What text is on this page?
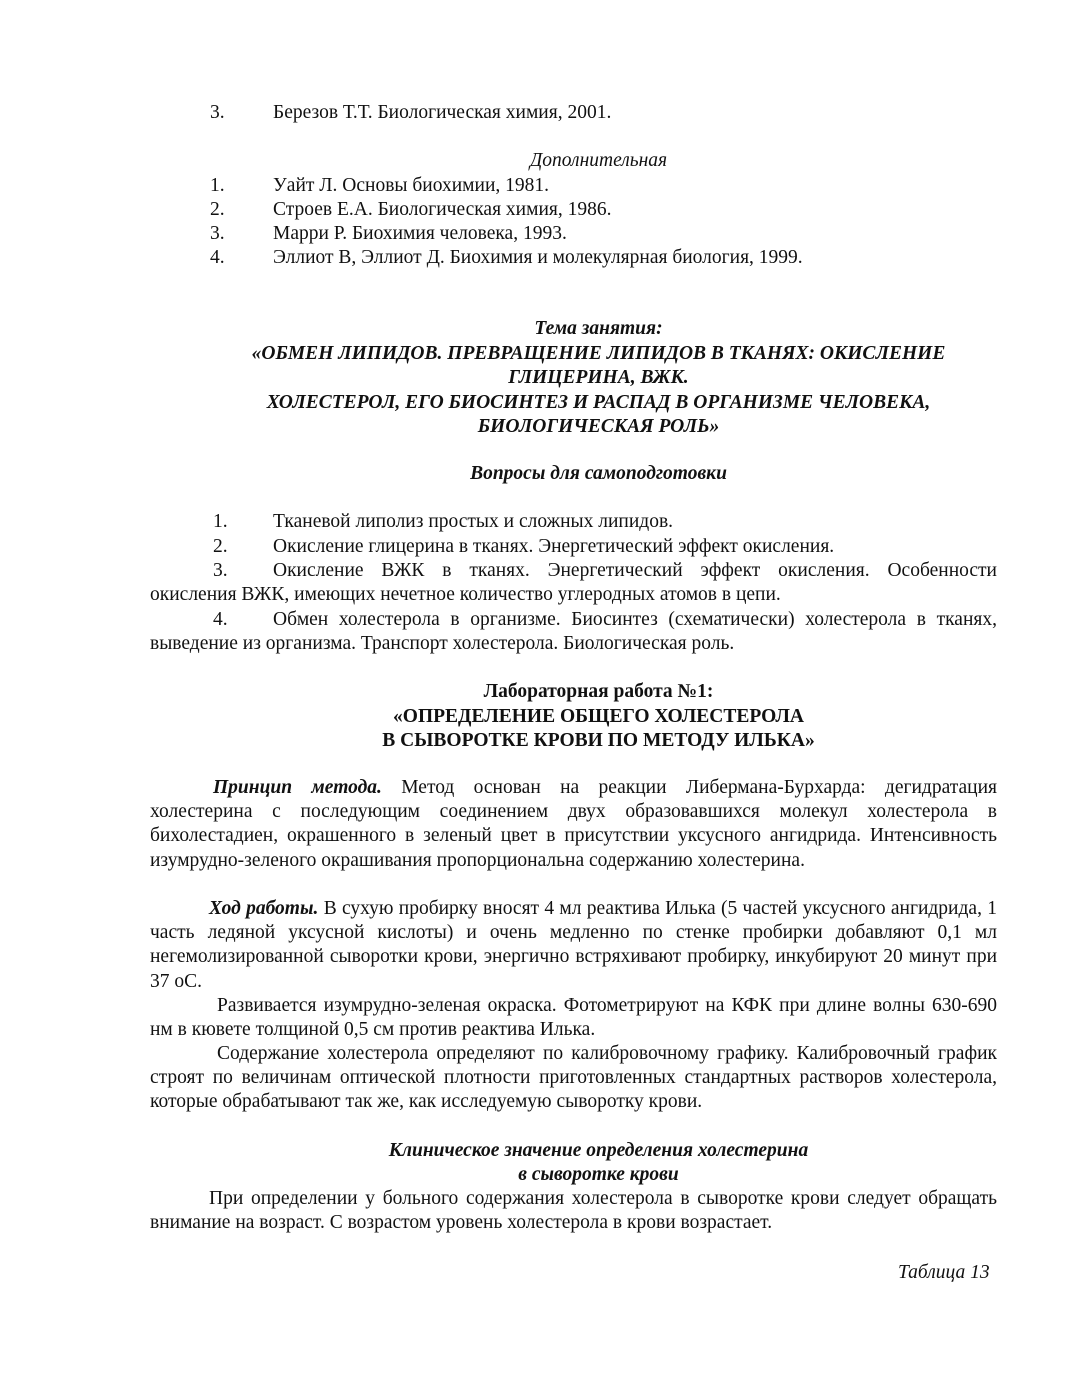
3. Березов Т.Т. Биологическая химия, 2001.
Дополнительная
1. Уайт Л. Основы биохимии, 1981.
2. Строев Е.А. Биологическая химия, 1986.
3. Марри Р. Биохимия человека, 1993.
4. Эллиот В, Эллиот Д. Биохимия и молекулярная биология, 1999.
Тема занятия:
«ОБМЕН ЛИПИДОВ. ПРЕВРАЩЕНИЕ ЛИПИДОВ В ТКАНЯХ: ОКИСЛЕНИЕ
ГЛИЦЕРИНА, ВЖК.
ХОЛЕСТЕРОЛ, ЕГО БИОСИНТЕЗ И РАСПАД В ОРГАНИЗМЕ ЧЕЛОВЕКА,
БИОЛОГИЧЕСКАЯ РОЛЬ»
Вопросы для самоподготовки
1. Тканевой липолиз простых и сложных липидов.
2. Окисление глицерина в тканях. Энергетический эффект окисления.
3. Окисление ВЖК в тканях. Энергетический эффект окисления. Особенности окисления ВЖК, имеющих нечетное количество углеродных атомов в цепи.
4. Обмен холестерола в организме. Биосинтез (схематически) холестерола в тканях, выведение из организма. Транспорт холестерола. Биологическая роль.
Лабораторная работа №1:
«ОПРЕДЕЛЕНИЕ ОБЩЕГО ХОЛЕСТЕРОЛА
В СЫВОРОТКЕ КРОВИ ПО МЕТОДУ ИЛЬКА»
Принцип метода. Метод основан на реакции Либермана-Бурхарда: дегидратация холестерина с последующим соединением двух образовавшихся молекул холестерола в бихолестадиен, окрашенного в зеленый цвет в присутствии уксусного ангидрида. Интенсивность изумрудно-зеленого окрашивания пропорциональна содержанию холестерина.
Ход работы. В сухую пробирку вносят 4 мл реактива Илька (5 частей уксусного ангидрида, 1 часть ледяной уксусной кислоты) и очень медленно по стенке пробирки добавляют 0,1 мл негемолизированной сыворотки крови, энергично встряхивают пробирку, инкубируют 20 минут при 37 оС.
Развивается изумрудно-зеленая окраска. Фотометрируют на КФК при длине волны 630-690 нм в кювете толщиной 0,5 см против реактива Илька.
Содержание холестерола определяют по калибровочному графику. Калибровочный график строят по величинам оптической плотности приготовленных стандартных растворов холестерола, которые обрабатывают так же, как исследуемую сыворотку крови.
Клиническое значение определения холестерина
в сыворотке крови
При определении у больного содержания холестерола в сыворотке крови следует обращать внимание на возраст. С возрастом уровень холестерола в крови возрастает.
Таблица 13
